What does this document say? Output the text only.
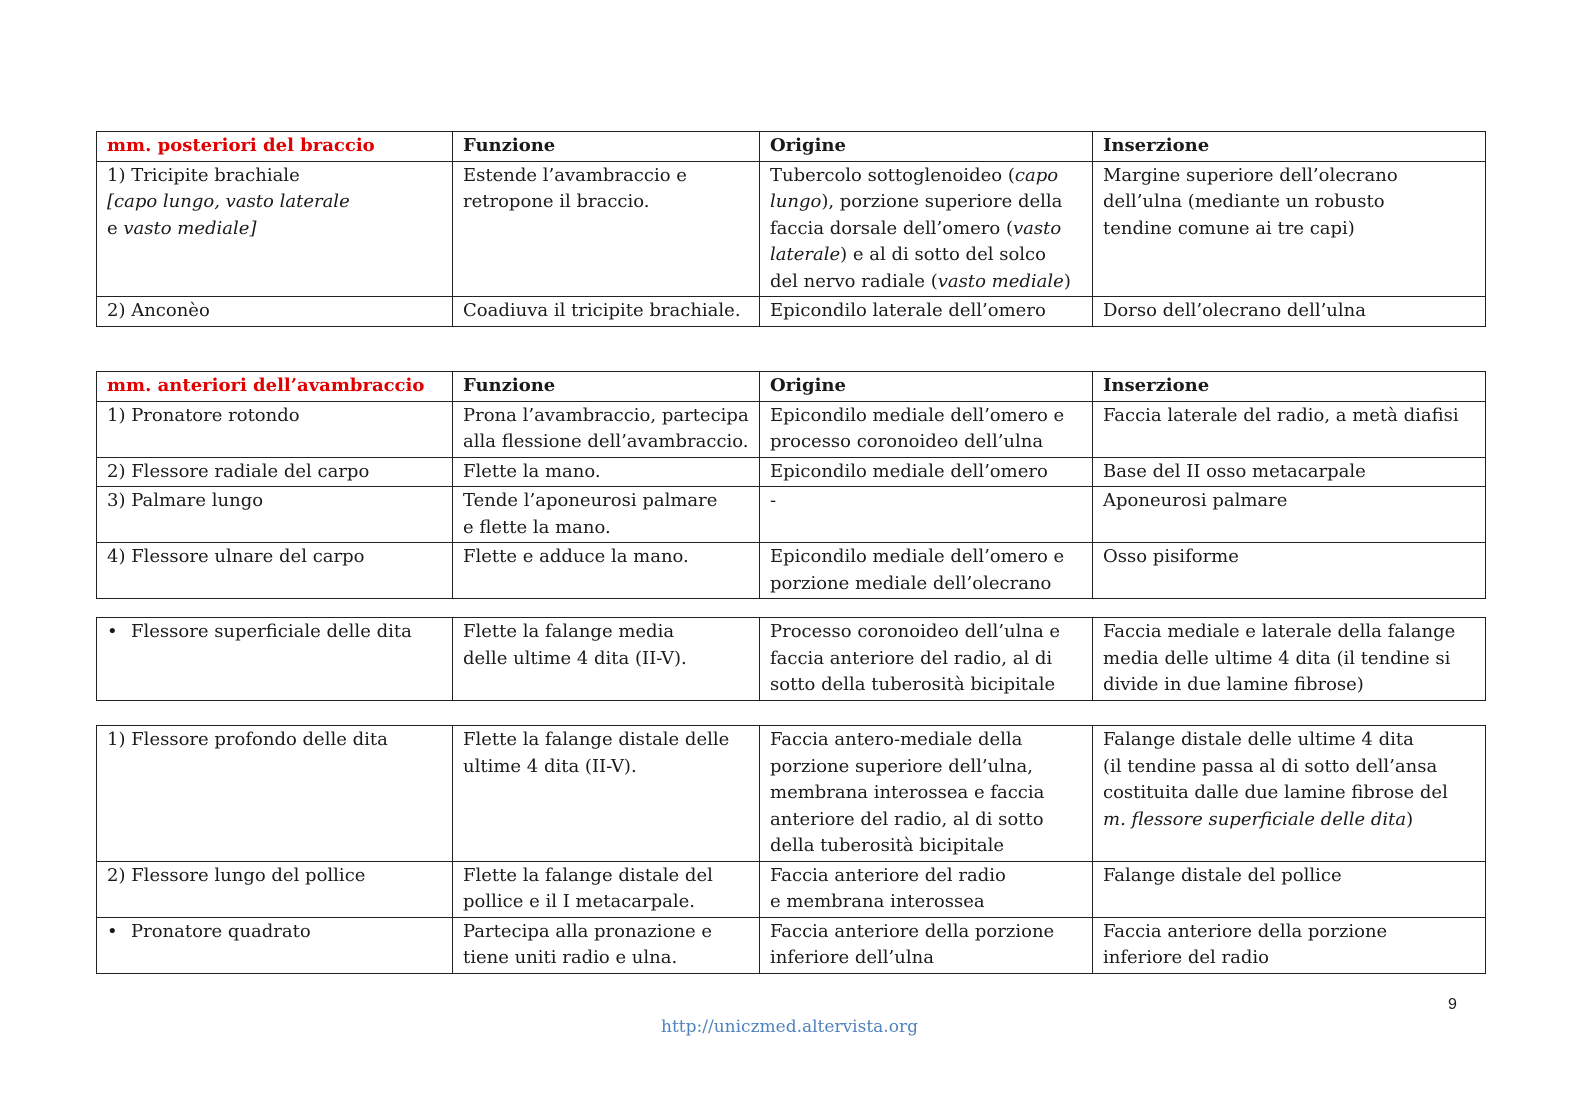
mm. posteriori del braccio	Funzione	Origine	Inserzione
1) Tricipite brachiale
[capo lungo, vasto laterale
e vasto mediale]	Estende l’avambraccio e
retropone il braccio.	Tubercolo sottoglenoideo (capo
lungo), porzione superiore della
faccia dorsale dell’omero (vasto
laterale) e al di sotto del solco
del nervo radiale (vasto mediale)	Margine superiore dell’olecrano
dell’ulna (mediante un robusto
tendine comune ai tre capi)
2) Anconèo	Coadiuva il tricipite brachiale.	Epicondilo laterale dell’omero	Dorso dell’olecrano dell’ulna
mm. anteriori dell’avambraccio	Funzione	Origine	Inserzione
1) Pronatore rotondo	Prona l’avambraccio, partecipa
alla flessione dell’avambraccio.	Epicondilo mediale dell’omero e
processo coronoideo dell’ulna	Faccia laterale del radio, a metà diafisi
2) Flessore radiale del carpo	Flette la mano.	Epicondilo mediale dell’omero	Base del II osso metacarpale
3) Palmare lungo	Tende l’aponeurosi palmare
e flette la mano.	-	Aponeurosi palmare
4) Flessore ulnare del carpo	Flette e adduce la mano.	Epicondilo mediale dell’omero e
porzione mediale dell’olecrano	Osso pisiforme
• Flessore superficiale delle dita	Flette la falange media
delle ultime 4 dita (II-V).	Processo coronoideo dell’ulna e
faccia anteriore del radio, al di
sotto della tuberosità bicipitale	Faccia mediale e laterale della falange
media delle ultime 4 dita (il tendine si
divide in due lamine fibrose)
1) Flessore profondo delle dita	Flette la falange distale delle
ultime 4 dita (II-V).	Faccia antero-mediale della
porzione superiore dell’ulna,
membrana interossea e faccia
anteriore del radio, al di sotto
della tuberosità bicipitale	Falange distale delle ultime 4 dita
(il tendine passa al di sotto dell’ansa
costituita dalle due lamine fibrose del
m. flessore superficiale delle dita)
2) Flessore lungo del pollice	Flette la falange distale del
pollice e il I metacarpale.	Faccia anteriore del radio
e membrana interossea	Falange distale del pollice
• Pronatore quadrato	Partecipa alla pronazione e
tiene uniti radio e ulna.	Faccia anteriore della porzione
inferiore dell’ulna	Faccia anteriore della porzione
inferiore del radio
9
http://uniczmed.altervista.org
